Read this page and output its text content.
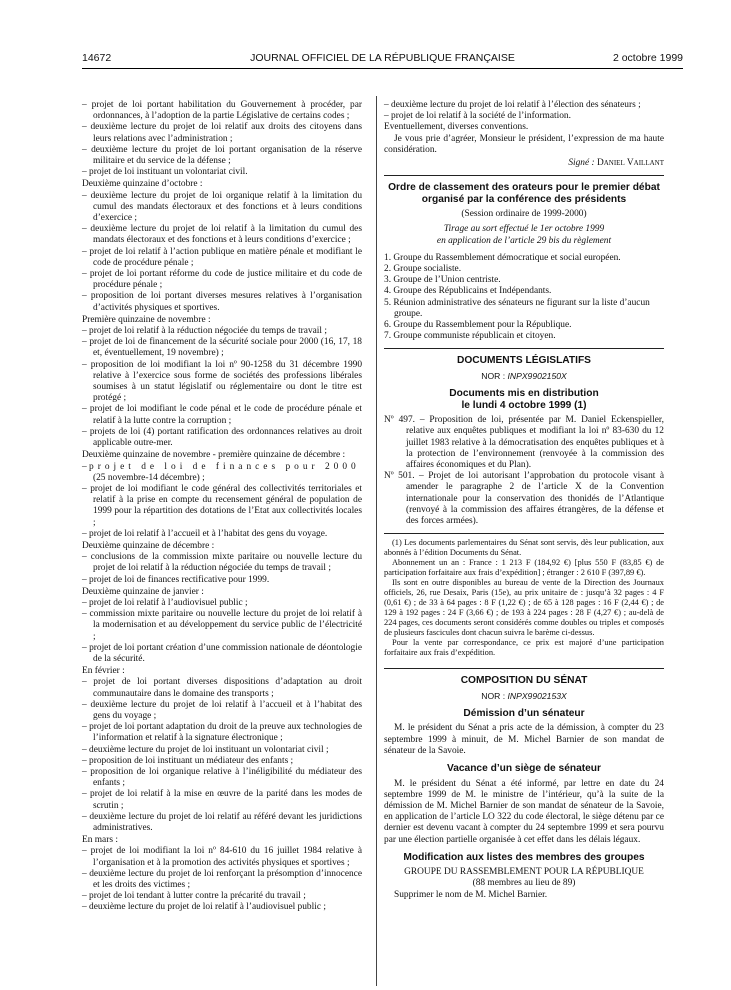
14672	JOURNAL OFFICIEL DE LA RÉPUBLIQUE FRANÇAISE	2 octobre 1999
– projet de loi portant habilitation du Gouvernement à procéder, par ordonnances, à l’adoption de la partie Législative de certains codes ;
– deuxième lecture du projet de loi relatif aux droits des citoyens dans leurs relations avec l’administration ;
– deuxième lecture du projet de loi portant organisation de la réserve militaire et du service de la défense ;
– projet de loi instituant un volontariat civil.
Deuxième quinzaine d’octobre :
– deuxième lecture du projet de loi organique relatif à la limitation du cumul des mandats électoraux et des fonctions et à leurs conditions d’exercice ;
– deuxième lecture du projet de loi relatif à la limitation du cumul des mandats électoraux et des fonctions et à leurs conditions d’exercice ;
– projet de loi relatif à l’action publique en matière pénale et modifiant le code de procédure pénale ;
– projet de loi portant réforme du code de justice militaire et du code de procédure pénale ;
– proposition de loi portant diverses mesures relatives à l’organisation d’activités physiques et sportives.
Première quinzaine de novembre :
– projet de loi relatif à la réduction négociée du temps de travail ;
– projet de loi de financement de la sécurité sociale pour 2000 (16, 17, 18 et, éventuellement, 19 novembre) ;
– proposition de loi modifiant la loi nº 90-1258 du 31 décembre 1990 relative à l’exercice sous forme de sociétés des professions libérales soumises à un statut législatif ou réglementaire ou dont le titre est protégé ;
– projet de loi modifiant le code pénal et le code de procédure pénale et relatif à la lutte contre la corruption ;
– projets de loi (4) portant ratification des ordonnances relatives au droit applicable outre-mer.
Deuxième quinzaine de novembre - première quinzaine de décembre :
– projet de loi de finances pour 2000
(25 novembre-14 décembre) ;
– projet de loi modifiant le code général des collectivités territoriales et relatif à la prise en compte du recensement général de population de 1999 pour la répartition des dotations de l’Etat aux collectivités locales ;
– projet de loi relatif à l’accueil et à l’habitat des gens du voyage.
Deuxième quinzaine de décembre :
– conclusions de la commission mixte paritaire ou nouvelle lecture du projet de loi relatif à la réduction négociée du temps de travail ;
– projet de loi de finances rectificative pour 1999.
Deuxième quinzaine de janvier :
– projet de loi relatif à l’audiovisuel public ;
– commission mixte paritaire ou nouvelle lecture du projet de loi relatif à la modernisation et au développement du service public de l’électricité ;
– projet de loi portant création d’une commission nationale de déontologie de la sécurité.
En février :
– projet de loi portant diverses dispositions d’adaptation au droit communautaire dans le domaine des transports ;
– deuxième lecture du projet de loi relatif à l’accueil et à l’habitat des gens du voyage ;
– projet de loi portant adaptation du droit de la preuve aux technologies de l’information et relatif à la signature électronique ;
– deuxième lecture du projet de loi instituant un volontariat civil ;
– proposition de loi instituant un médiateur des enfants ;
– proposition de loi organique relative à l’inéligibilité du médiateur des enfants ;
– projet de loi relatif à la mise en œuvre de la parité dans les modes de scrutin ;
– deuxième lecture du projet de loi relatif au référé devant les juridictions administratives.
En mars :
– projet de loi modifiant la loi nº 84-610 du 16 juillet 1984 relative à l’organisation et à la promotion des activités physiques et sportives ;
– deuxième lecture du projet de loi renforçant la présomption d’innocence et les droits des victimes ;
– projet de loi tendant à lutter contre la précarité du travail ;
– deuxième lecture du projet de loi relatif à l’audiovisuel public ;
– deuxième lecture du projet de loi relatif à l’élection des sénateurs ;
– projet de loi relatif à la société de l’information.
Eventuellement, diverses conventions.
Je vous prie d’agréer, Monsieur le président, l’expression de ma haute considération.
Signé : Daniel Vaillant
Ordre de classement des orateurs pour le premier débat organisé par la conférence des présidents
(Session ordinaire de 1999-2000)
Tirage au sort effectué le 1er octobre 1999
en application de l’article 29 bis du règlement
1. Groupe du Rassemblement démocratique et social européen.
2. Groupe socialiste.
3. Groupe de l’Union centriste.
4. Groupe des Républicains et Indépendants.
5. Réunion administrative des sénateurs ne figurant sur la liste d’aucun groupe.
6. Groupe du Rassemblement pour la République.
7. Groupe communiste républicain et citoyen.
DOCUMENTS LÉGISLATIFS
NOR : INPX9902150X
Documents mis en distribution
le lundi 4 octobre 1999 (1)
Nº 497. – Proposition de loi, présentée par M. Daniel Eckenspieller, relative aux enquêtes publiques et modifiant la loi nº 83-630 du 12 juillet 1983 relative à la démocratisation des enquêtes publiques et à la protection de l’environnement (renvoyée à la commission des affaires économiques et du Plan).
Nº 501. – Projet de loi autorisant l’approbation du protocole visant à amender le paragraphe 2 de l’article X de la Convention internationale pour la conservation des thonidés de l’Atlantique (renvoyé à la commission des affaires étrangères, de la défense et des forces armées).
(1) Les documents parlementaires du Sénat sont servis, dès leur publication, aux abonnés à l’édition Documents du Sénat.
Abonnement un an : France : 1 213 F (184,92 €) [plus 550 F (83,85 €) de participation forfaitaire aux frais d’expédition] ; étranger : 2 610 F (397,89 €).
Ils sont en outre disponibles au bureau de vente de la Direction des Journaux officiels, 26, rue Desaix, Paris (15e), au prix unitaire de : jusqu’à 32 pages : 4 F (0,61 €) ; de 33 à 64 pages : 8 F (1,22 €) ; de 65 à 128 pages : 16 F (2,44 €) ; de 129 à 192 pages : 24 F (3,66 €) ; de 193 à 224 pages : 28 F (4,27 €) ; au-delà de 224 pages, ces documents seront considérés comme doubles ou triples et composés de plusieurs fascicules dont chacun suivra le barème ci-dessus.
Pour la vente par correspondance, ce prix est majoré d’une participation forfaitaire aux frais d’expédition.
COMPOSITION DU SÉNAT
NOR : INPX9902153X
Démission d’un sénateur
M. le président du Sénat a pris acte de la démission, à compter du 23 septembre 1999 à minuit, de M. Michel Barnier de son mandat de sénateur de la Savoie.
Vacance d’un siège de sénateur
M. le président du Sénat a été informé, par lettre en date du 24 septembre 1999 de M. le ministre de l’intérieur, qu’à la suite de la démission de M. Michel Barnier de son mandat de sénateur de la Savoie, en application de l’article LO 322 du code électoral, le siège détenu par ce dernier est devenu vacant à compter du 24 septembre 1999 et sera pourvu par une élection partielle organisée à cet effet dans les délais légaux.
Modification aux listes des membres des groupes
GROUPE DU RASSEMBLEMENT POUR LA RÉPUBLIQUE
(88 membres au lieu de 89)
Supprimer le nom de M. Michel Barnier.
